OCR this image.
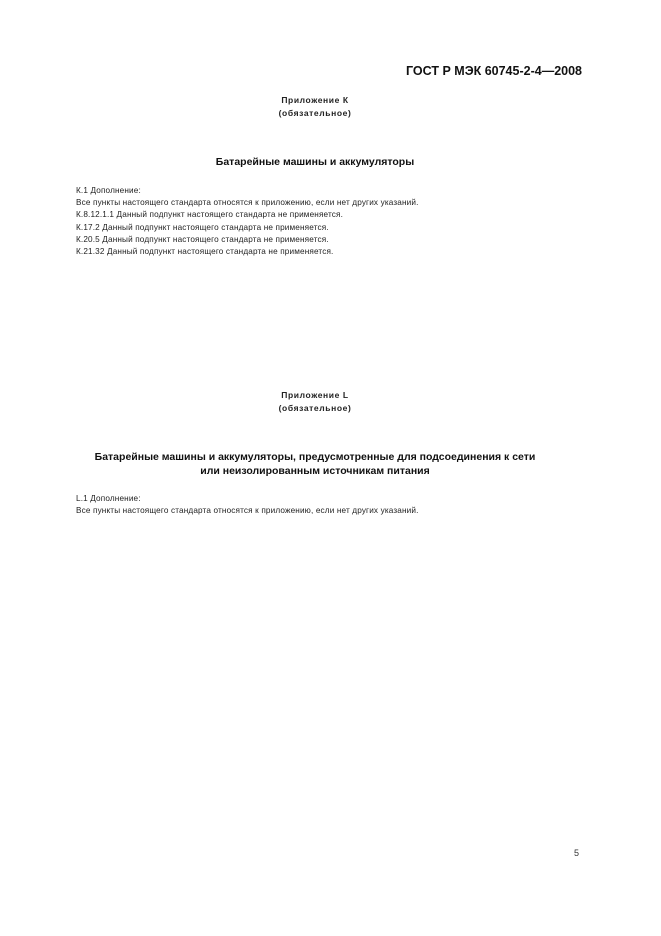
ГОСТ Р МЭК 60745-2-4—2008
Приложение К
(обязательное)
Батарейные машины и аккумуляторы
К.1 Дополнение:
Все пункты настоящего стандарта относятся к приложению, если нет других указаний.
К.8.12.1.1 Данный подпункт настоящего стандарта не применяется.
К.17.2 Данный подпункт настоящего стандарта не применяется.
К.20.5 Данный подпункт настоящего стандарта не применяется.
К.21.32 Данный подпункт настоящего стандарта не применяется.
Приложение L
(обязательное)
Батарейные машины и аккумуляторы, предусмотренные для подсоединения к сети
или неизолированным источникам питания
L.1 Дополнение:
Все пункты настоящего стандарта относятся к приложению, если нет других указаний.
5
